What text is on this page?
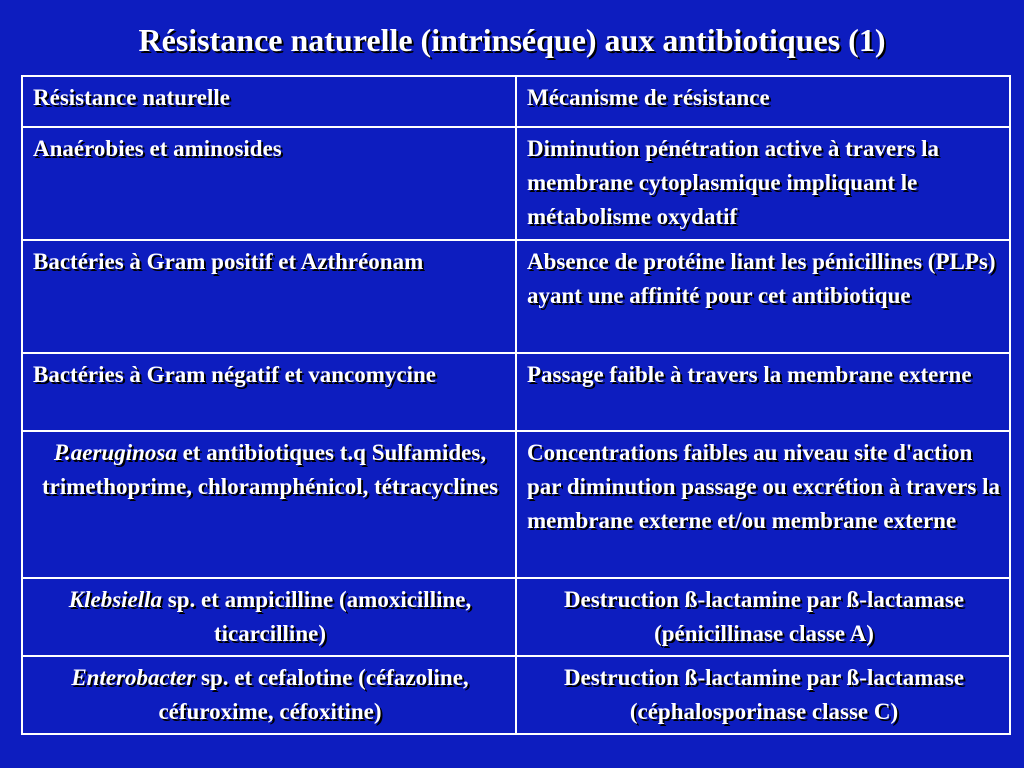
Résistance naturelle (intrinséque) aux antibiotiques (1)
Résistance naturelle	Mécanisme de résistance
Anaérobies et aminosides	Diminution pénétration active à travers la membrane cytoplasmique impliquant le métabolisme oxydatif
Bactéries à Gram positif et Azthréonam	Absence de protéine liant les pénicillines (PLPs) ayant une affinité pour cet antibiotique
Bactéries à Gram négatif et vancomycine	Passage faible à travers la membrane externe
P.aeruginosa et antibiotiques t.q Sulfamides, trimethoprime, chloramphénicol, tétracyclines	Concentrations faibles au niveau site d'action par diminution passage ou excrétion à travers la membrane externe et/ou membrane externe
Klebsiella sp. et ampicilline (amoxicilline, ticarcilline)	Destruction ß-lactamine par ß-lactamase (pénicillinase classe A)
Enterobacter sp. et cefalotine (céfazoline, céfuroxime, céfoxitine)	Destruction ß-lactamine par ß-lactamase (céphalosporinase classe C)
